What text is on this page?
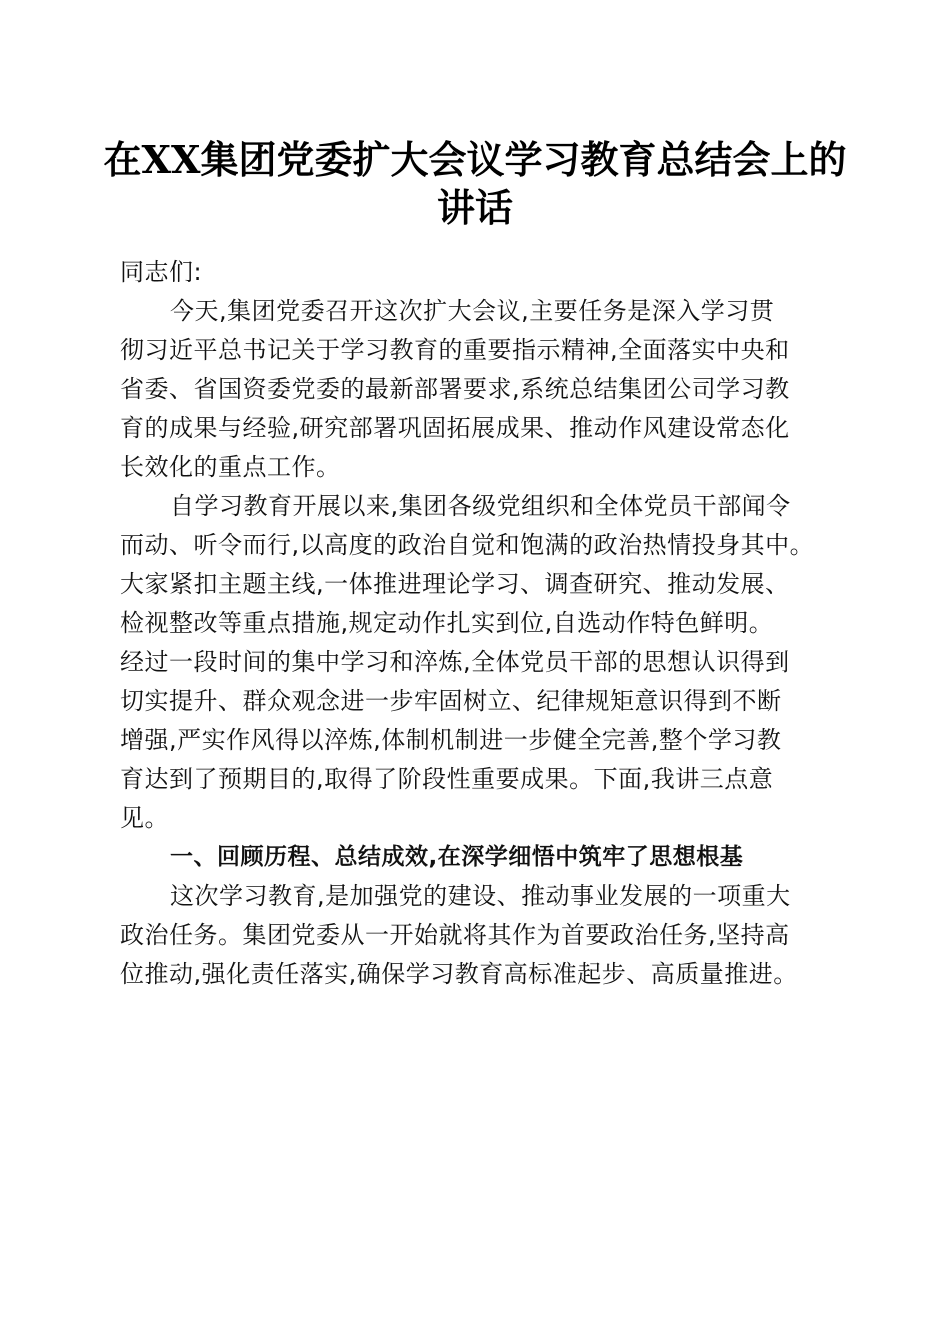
在XX集团党委扩大会议学习教育总结会上的
讲话

同志们:

今天,集团党委召开这次扩大会议,主要任务是深入学习贯
彻习近平总书记关于学习教育的重要指示精神,全面落实中央和
省委、省国资委党委的最新部署要求,系统总结集团公司学习教
育的成果与经验,研究部署巩固拓展成果、推动作风建设常态化
长效化的重点工作。

自学习教育开展以来,集团各级党组织和全体党员干部闻令
而动、听令而行,以高度的政治自觉和饱满的政治热情投身其中。
大家紧扣主题主线,一体推进理论学习、调查研究、推动发展、
检视整改等重点措施,规定动作扎实到位,自选动作特色鲜明。
经过一段时间的集中学习和淬炼,全体党员干部的思想认识得到
切实提升、群众观念进一步牢固树立、纪律规矩意识得到不断
增强,严实作风得以淬炼,体制机制进一步健全完善,整个学习教
育达到了预期目的,取得了阶段性重要成果。下面,我讲三点意
见。

一、回顾历程、总结成效,在深学细悟中筑牢了思想根基

这次学习教育,是加强党的建设、推动事业发展的一项重大
政治任务。集团党委从一开始就将其作为首要政治任务,坚持高
位推动,强化责任落实,确保学习教育高标准起步、高质量推进。
